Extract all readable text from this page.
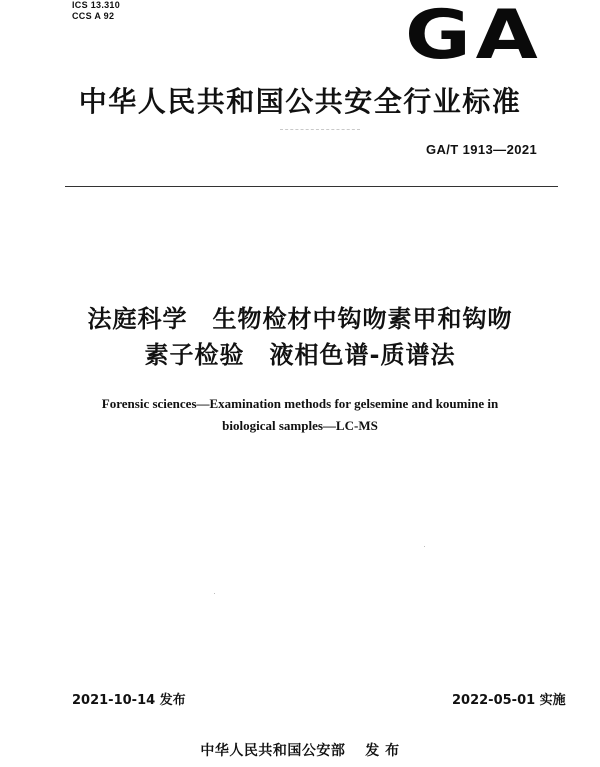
ICS 13.310
CCS A 92	GA
中华人民共和国公共安全行业标准
GA/T 1913—2021
法庭科学　生物检材中钩吻素甲和钩吻
素子检验　液相色谱-质谱法
Forensic sciences—Examination methods for gelsemine and koumine in
biological samples—LC-MS
2021-10-14 发布	2022-05-01 实施
中华人民共和国公安部　 发 布
